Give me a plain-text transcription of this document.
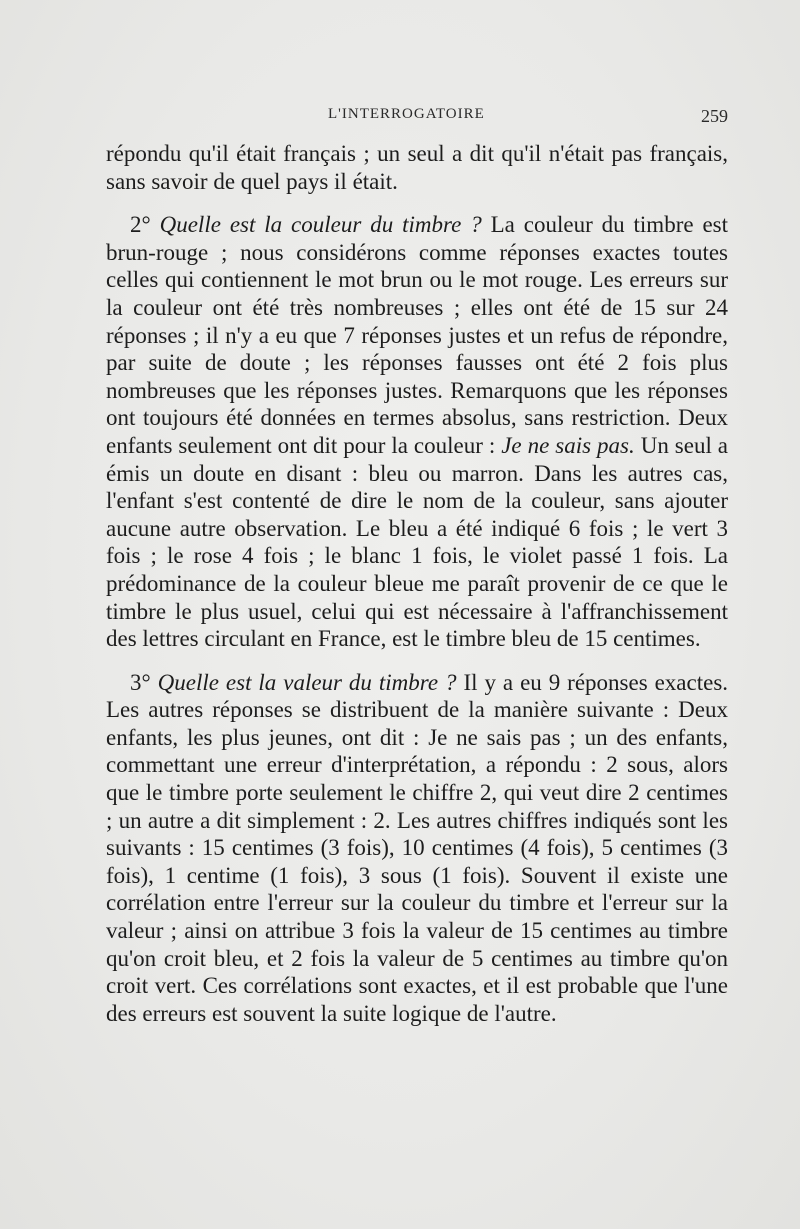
L'INTERROGATOIRE	259

répondu qu'il était français ; un seul a dit qu'il n'était pas français, sans savoir de quel pays il était.

2° Quelle est la couleur du timbre ? La couleur du timbre est brun-rouge ; nous considérons comme réponses exactes toutes celles qui contiennent le mot brun ou le mot rouge. Les erreurs sur la couleur ont été très nombreuses ; elles ont été de 15 sur 24 réponses ; il n'y a eu que 7 réponses justes et un refus de répondre, par suite de doute ; les réponses fausses ont été 2 fois plus nombreuses que les réponses justes. Remarquons que les réponses ont toujours été données en termes absolus, sans restriction. Deux enfants seulement ont dit pour la couleur : Je ne sais pas. Un seul a émis un doute en disant : bleu ou marron. Dans les autres cas, l'enfant s'est contenté de dire le nom de la couleur, sans ajouter aucune autre observation. Le bleu a été indiqué 6 fois ; le vert 3 fois ; le rose 4 fois ; le blanc 1 fois, le violet passé 1 fois. La prédominance de la couleur bleue me paraît provenir de ce que le timbre le plus usuel, celui qui est nécessaire à l'affranchissement des lettres circulant en France, est le timbre bleu de 15 centimes.

3° Quelle est la valeur du timbre ? Il y a eu 9 réponses exactes. Les autres réponses se distribuent de la manière suivante : Deux enfants, les plus jeunes, ont dit : Je ne sais pas ; un des enfants, commettant une erreur d'interprétation, a répondu : 2 sous, alors que le timbre porte seulement le chiffre 2, qui veut dire 2 centimes ; un autre a dit simplement : 2. Les autres chiffres indiqués sont les suivants : 15 centimes (3 fois), 10 centimes (4 fois), 5 centimes (3 fois), 1 centime (1 fois), 3 sous (1 fois). Souvent il existe une corrélation entre l'erreur sur la couleur du timbre et l'erreur sur la valeur ; ainsi on attribue 3 fois la valeur de 15 centimes au timbre qu'on croit bleu, et 2 fois la valeur de 5 centimes au timbre qu'on croit vert. Ces corrélations sont exactes, et il est probable que l'une des erreurs est souvent la suite logique de l'autre.
